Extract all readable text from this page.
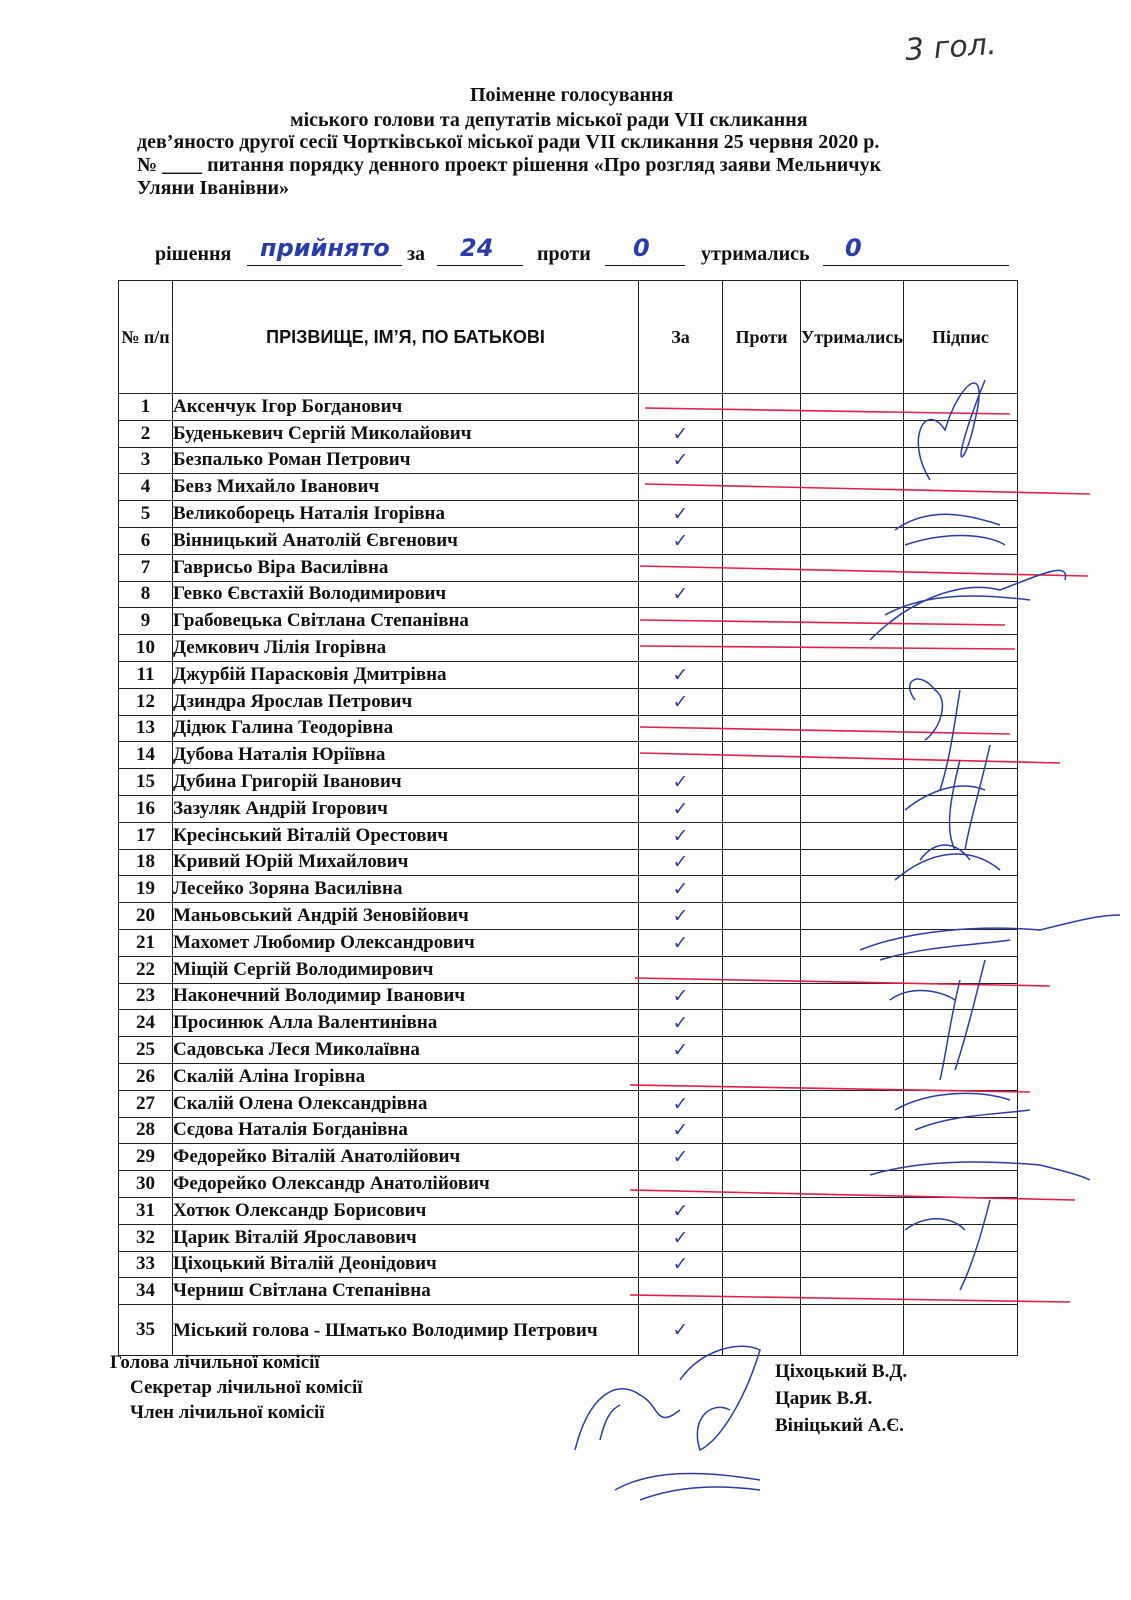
3 гол.
Поіменне голосування
міського голови та депутатів міської ради VII скликання
дев’яносто другої сесії Чортківської міської ради VII скликання 25 червня 2020 р.
№ ____ питання порядку денного проект рішення «Про розгляд заяви Мельничук
Уляни Іванівни»
рішення прийнято за 24 проти 0	утримались 0
№ п/п	ПРІЗВИЩЕ, ІМ’Я, ПО БАТЬКОВІ	За	Проти	Утримались	Підпис
1	Аксенчук Ігор Богданович				
2	Буденькевич Сергій Миколайович	✓			
3	Безпалько Роман Петрович	✓			
4	Бевз Михайло Іванович				
5	Великоборець Наталія Ігорівна	✓			
6	Вінницький Анатолій Євгенович	✓			
7	Гаврисьо Віра Василівна				
8	Гевко Євстахій Володимирович	✓			
9	Грабовецька Світлана Степанівна				
10	Демкович Лілія Ігорівна				
11	Джурбій Парасковія Дмитрівна	✓			
12	Дзиндра Ярослав Петрович	✓			
13	Дідюк Галина Теодорівна				
14	Дубова Наталія Юріївна				
15	Дубина Григорій Іванович	✓			
16	Зазуляк Андрій Ігорович	✓			
17	Кресінський Віталій Орестович	✓			
18	Кривий Юрій Михайлович	✓			
19	Лесейко Зоряна Василівна	✓			
20	Маньовський Андрій Зеновійович	✓			
21	Махомет Любомир Олександрович	✓			
22	Міщій Сергій Володимирович				
23	Наконечний Володимир Іванович	✓			
24	Просинюк Алла Валентинівна	✓			
25	Садовська Леся Миколаївна	✓			
26	Скалій Аліна Ігорівна				
27	Скалій Олена Олександрівна	✓			
28	Сєдова Наталія Богданівна	✓			
29	Федорейко Віталій Анатолійович	✓			
30	Федорейко Олександр Анатолійович				
31	Хотюк Олександр Борисович	✓			
32	Царик Віталій Ярославович	✓			
33	Ціхоцький Віталій Деонідович	✓			
34	Черниш Світлана Степанівна				
35	Міський голова - Шматько Володимир Петрович	✓			
Голова лічильної комісії
Секретар лічильної комісії
Член лічильної комісії
Ціхоцький В.Д.
Царик В.Я.
Вініцький А.Є.
